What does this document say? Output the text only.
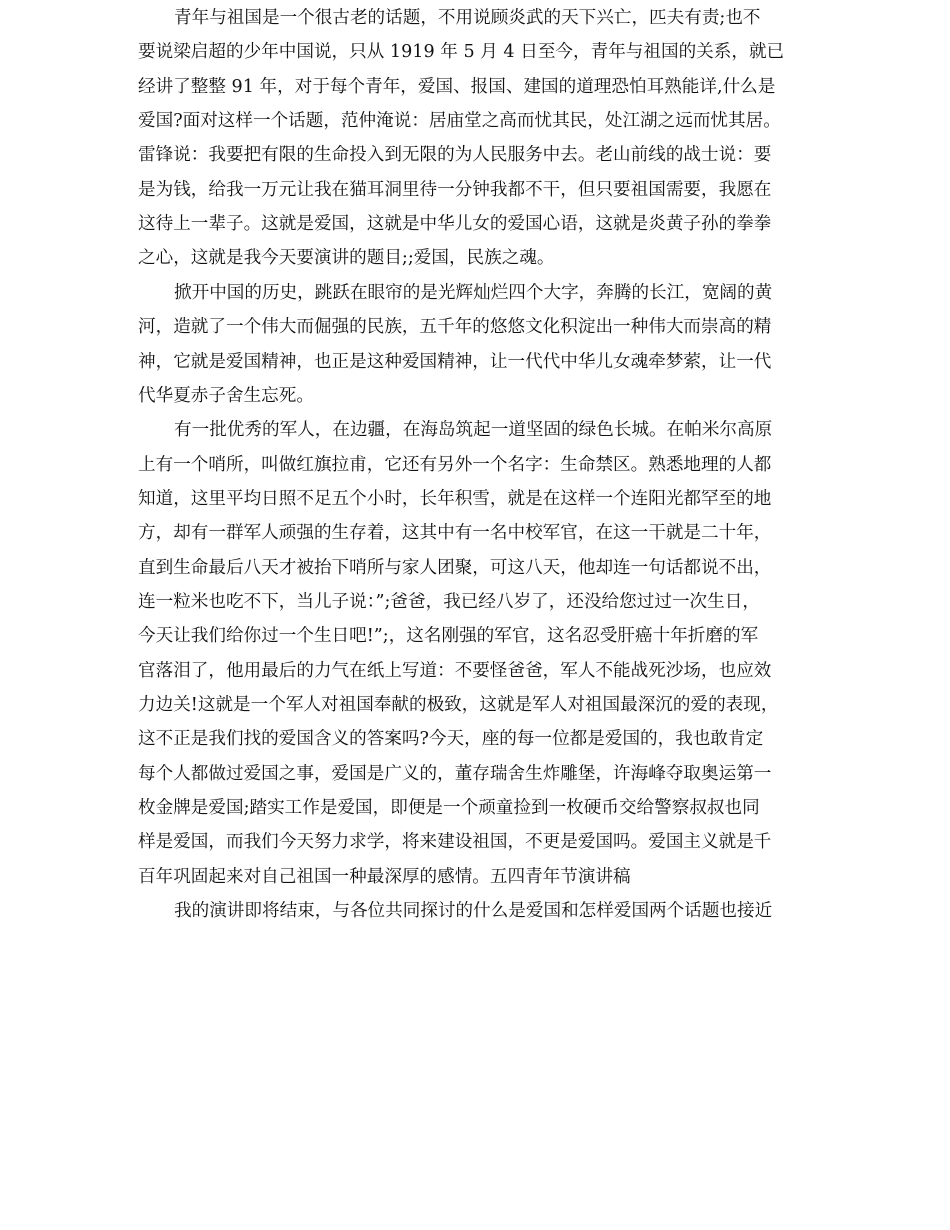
青年与祖国是一个很古老的话题，不用说顾炎武的天下兴亡，匹夫有责;也不
要说梁启超的少年中国说，只从 1919 年 5 月 4 日至今，青年与祖国的关系，就已
经讲了整整 91 年，对于每个青年，爱国、报国、建国的道理恐怕耳熟能详,什么是
爱国?面对这样一个话题，范仲淹说：居庙堂之高而忧其民，处江湖之远而忧其居。
雷锋说：我要把有限的生命投入到无限的为人民服务中去。老山前线的战士说：要
是为钱，给我一万元让我在猫耳洞里待一分钟我都不干，但只要祖国需要，我愿在
这待上一辈子。这就是爱国，这就是中华儿女的爱国心语，这就是炎黄子孙的拳拳
之心，这就是我今天要演讲的题目;;爱国，民族之魂。
掀开中国的历史，跳跃在眼帘的是光辉灿烂四个大字，奔腾的长江，宽阔的黄
河，造就了一个伟大而倔强的民族，五千年的悠悠文化积淀出一种伟大而崇高的精
神，它就是爱国精神，也正是这种爱国精神，让一代代中华儿女魂牵梦萦，让一代
代华夏赤子舍生忘死。
有一批优秀的军人，在边疆，在海岛筑起一道坚固的绿色长城。在帕米尔高原
上有一个哨所，叫做红旗拉甫，它还有另外一个名字：生命禁区。熟悉地理的人都
知道，这里平均日照不足五个小时，长年积雪，就是在这样一个连阳光都罕至的地
方，却有一群军人顽强的生存着，这其中有一名中校军官，在这一干就是二十年，
直到生命最后八天才被抬下哨所与家人团聚，可这八天，他却连一句话都说不出，
连一粒米也吃不下，当儿子说：”;爸爸，我已经八岁了，还没给您过过一次生日，
今天让我们给你过一个生日吧!”;，这名刚强的军官，这名忍受肝癌十年折磨的军
官落泪了，他用最后的力气在纸上写道：不要怪爸爸，军人不能战死沙场，也应效
力边关!这就是一个军人对祖国奉献的极致，这就是军人对祖国最深沉的爱的表现，
这不正是我们找的爱国含义的答案吗?今天，座的每一位都是爱国的，我也敢肯定
每个人都做过爱国之事，爱国是广义的，董存瑞舍生炸雕堡，许海峰夺取奥运第一
枚金牌是爱国;踏实工作是爱国，即便是一个顽童捡到一枚硬币交给警察叔叔也同
样是爱国，而我们今天努力求学，将来建设祖国，不更是爱国吗。爱国主义就是千
百年巩固起来对自己祖国一种最深厚的感情。五四青年节演讲稿
我的演讲即将结束，与各位共同探讨的什么是爱国和怎样爱国两个话题也接近
